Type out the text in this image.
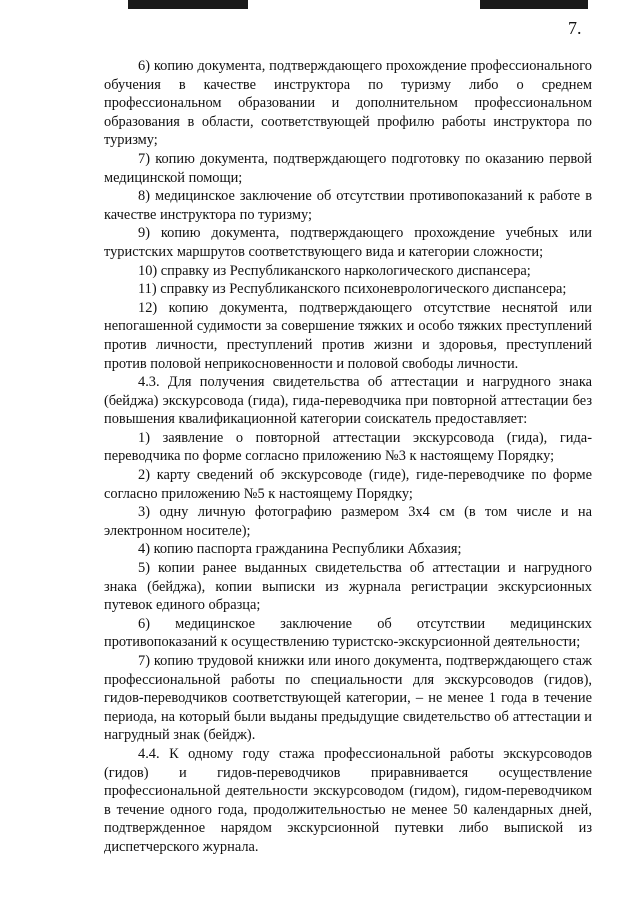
7.

6) копию документа, подтверждающего прохождение профессионального обучения в качестве инструктора по туризму либо о среднем профессиональном образовании и дополнительном профессиональном образования в области, соответствующей профилю работы инструктора по туризму;

7) копию документа, подтверждающего подготовку по оказанию первой медицинской помощи;

8) медицинское заключение об отсутствии противопоказаний к работе в качестве инструктора по туризму;

9) копию документа, подтверждающего прохождение учебных или туристских маршрутов соответствующего вида и категории сложности;

10) справку из Республиканского наркологического диспансера;

11) справку из Республиканского психоневрологического диспансера;

12) копию документа, подтверждающего отсутствие неснятой или непогашенной судимости за совершение тяжких и особо тяжких преступлений против личности, преступлений против жизни и здоровья, преступлений против половой неприкосновенности и половой свободы личности.

4.3. Для получения свидетельства об аттестации и нагрудного знака (бейджа) экскурсовода (гида), гида-переводчика при повторной аттестации без повышения квалификационной категории соискатель предоставляет:

1) заявление о повторной аттестации экскурсовода (гида), гида-переводчика по форме согласно приложению №3 к настоящему Порядку;

2) карту сведений об экскурсоводе (гиде), гиде-переводчике по форме согласно приложению №5 к настоящему Порядку;

3) одну личную фотографию размером 3х4 см (в том числе и на электронном носителе);

4) копию паспорта гражданина Республики Абхазия;

5) копии ранее выданных свидетельства об аттестации и нагрудного знака (бейджа), копии выписки из журнала регистрации экскурсионных путевок единого образца;

6) медицинское заключение об отсутствии медицинских противопоказаний к осуществлению туристско-экскурсионной деятельности;

7) копию трудовой книжки или иного документа, подтверждающего стаж профессиональной работы по специальности для экскурсоводов (гидов), гидов-переводчиков соответствующей категории, – не менее 1 года в течение периода, на который были выданы предыдущие свидетельство об аттестации и нагрудный знак (бейдж).

4.4. К одному году стажа профессиональной работы экскурсоводов (гидов) и гидов-переводчиков приравнивается осуществление профессиональной деятельности экскурсоводом (гидом), гидом-переводчиком в течение одного года, продолжительностью не менее 50 календарных дней, подтвержденное нарядом экскурсионной путевки либо выпиской из диспетчерского журнала.
